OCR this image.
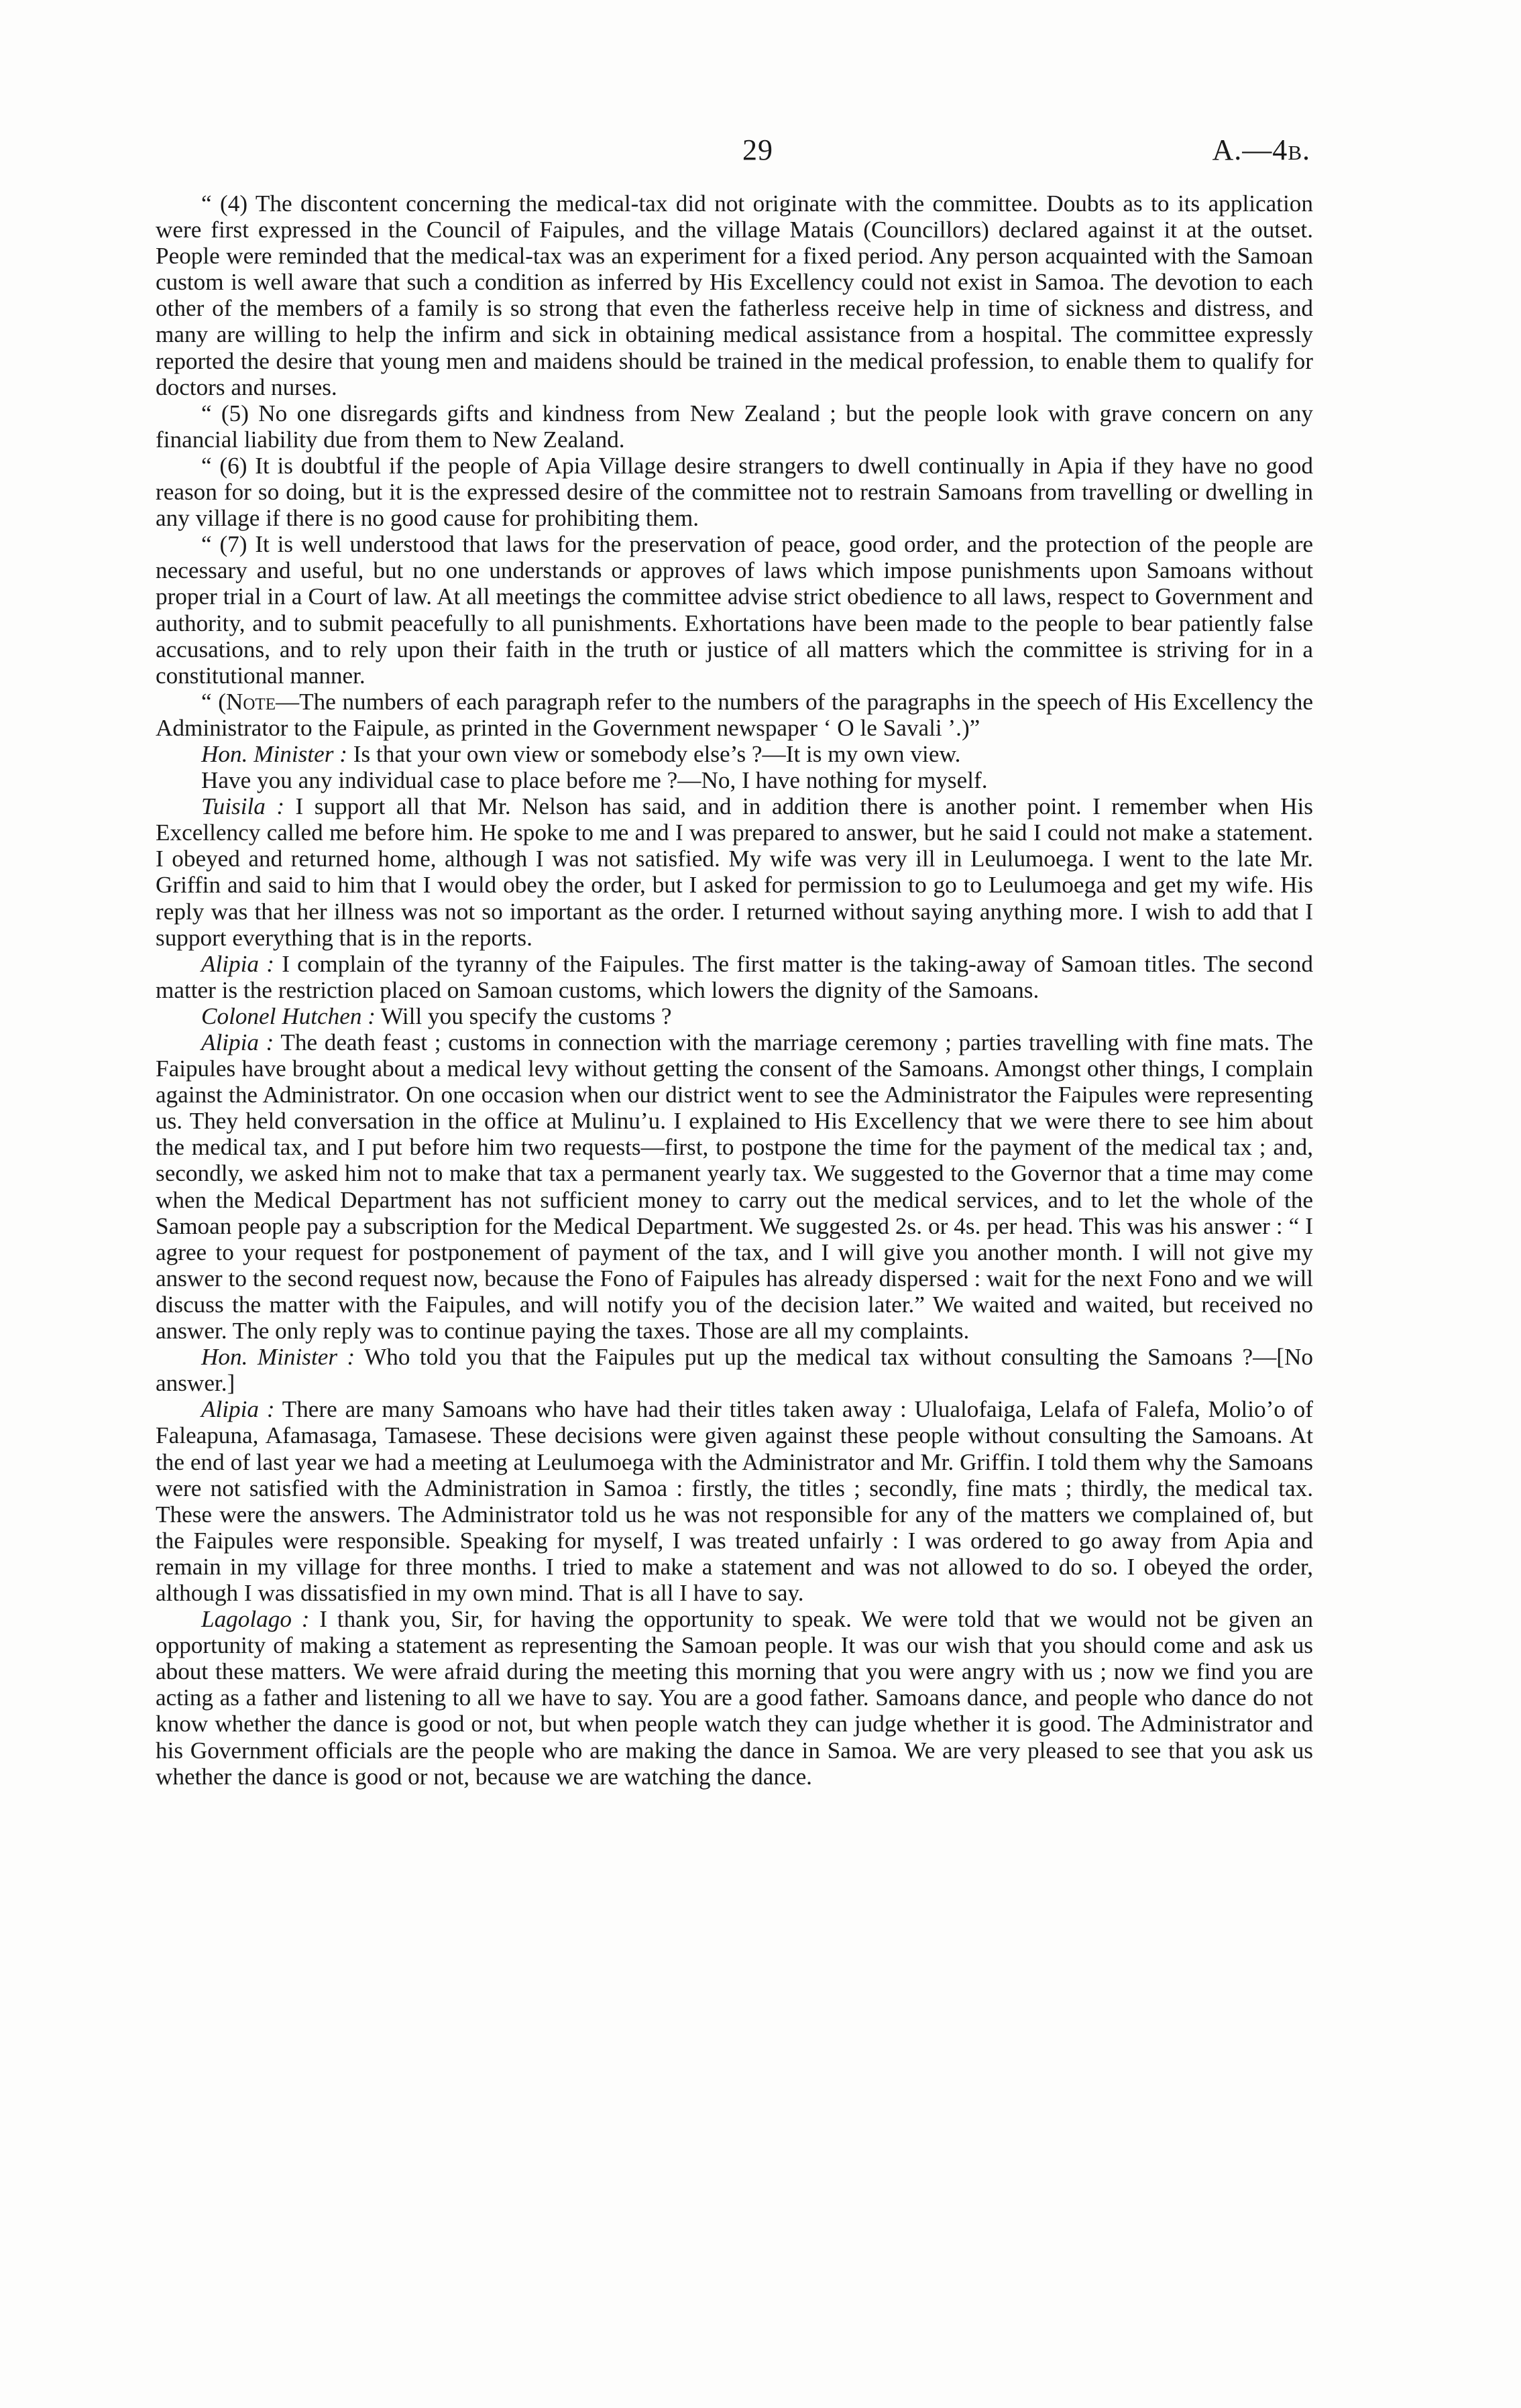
29	A.—4b.

“ (4) The discontent concerning the medical-tax did not originate with the committee. Doubts as to its application were first expressed in the Council of Faipules, and the village Matais (Councillors) declared against it at the outset. People were reminded that the medical-tax was an experiment for a fixed period. Any person acquainted with the Samoan custom is well aware that such a condition as inferred by His Excellency could not exist in Samoa. The devotion to each other of the members of a family is so strong that even the fatherless receive help in time of sickness and distress, and many are willing to help the infirm and sick in obtaining medical assistance from a hospital. The committee expressly reported the desire that young men and maidens should be trained in the medical profession, to enable them to qualify for doctors and nurses.

“ (5) No one disregards gifts and kindness from New Zealand ; but the people look with grave concern on any financial liability due from them to New Zealand.

“ (6) It is doubtful if the people of Apia Village desire strangers to dwell continually in Apia if they have no good reason for so doing, but it is the expressed desire of the committee not to restrain Samoans from travelling or dwelling in any village if there is no good cause for prohibiting them.

“ (7) It is well understood that laws for the preservation of peace, good order, and the protection of the people are necessary and useful, but no one understands or approves of laws which impose punishments upon Samoans without proper trial in a Court of law. At all meetings the committee advise strict obedience to all laws, respect to Government and authority, and to submit peacefully to all punishments. Exhortations have been made to the people to bear patiently false accusations, and to rely upon their faith in the truth or justice of all matters which the committee is striving for in a constitutional manner.

“ (Note—The numbers of each paragraph refer to the numbers of the paragraphs in the speech of His Excellency the Administrator to the Faipule, as printed in the Government newspaper ‘ O le Savali ’.)”

Hon. Minister : Is that your own view or somebody else’s ?—It is my own view.

Have you any individual case to place before me ?—No, I have nothing for myself.

Tuisila : I support all that Mr. Nelson has said, and in addition there is another point. I remember when His Excellency called me before him. He spoke to me and I was prepared to answer, but he said I could not make a statement. I obeyed and returned home, although I was not satisfied. My wife was very ill in Leulumoega. I went to the late Mr. Griffin and said to him that I would obey the order, but I asked for permission to go to Leulumoega and get my wife. His reply was that her illness was not so important as the order. I returned without saying anything more. I wish to add that I support everything that is in the reports.

Alipia : I complain of the tyranny of the Faipules. The first matter is the taking-away of Samoan titles. The second matter is the restriction placed on Samoan customs, which lowers the dignity of the Samoans.

Colonel Hutchen : Will you specify the customs ?

Alipia : The death feast ; customs in connection with the marriage ceremony ; parties travelling with fine mats. The Faipules have brought about a medical levy without getting the consent of the Samoans. Amongst other things, I complain against the Administrator. On one occasion when our district went to see the Administrator the Faipules were representing us. They held conversation in the office at Mulinu’u. I explained to His Excellency that we were there to see him about the medical tax, and I put before him two requests—first, to postpone the time for the payment of the medical tax ; and, secondly, we asked him not to make that tax a permanent yearly tax. We suggested to the Governor that a time may come when the Medical Department has not sufficient money to carry out the medical services, and to let the whole of the Samoan people pay a subscription for the Medical Department. We suggested 2s. or 4s. per head. This was his answer : “ I agree to your request for postponement of payment of the tax, and I will give you another month. I will not give my answer to the second request now, because the Fono of Faipules has already dispersed : wait for the next Fono and we will discuss the matter with the Faipules, and will notify you of the decision later.” We waited and waited, but received no answer. The only reply was to continue paying the taxes. Those are all my complaints.

Hon. Minister : Who told you that the Faipules put up the medical tax without consulting the Samoans ?—[No answer.]

Alipia : There are many Samoans who have had their titles taken away : Ulualofaiga, Lelafa of Falefa, Molio’o of Faleapuna, Afamasaga, Tamasese. These decisions were given against these people without consulting the Samoans. At the end of last year we had a meeting at Leulumoega with the Administrator and Mr. Griffin. I told them why the Samoans were not satisfied with the Administration in Samoa : firstly, the titles ; secondly, fine mats ; thirdly, the medical tax. These were the answers. The Administrator told us he was not responsible for any of the matters we complained of, but the Faipules were responsible. Speaking for myself, I was treated unfairly : I was ordered to go away from Apia and remain in my village for three months. I tried to make a statement and was not allowed to do so. I obeyed the order, although I was dissatisfied in my own mind. That is all I have to say.

Lagolago : I thank you, Sir, for having the opportunity to speak. We were told that we would not be given an opportunity of making a statement as representing the Samoan people. It was our wish that you should come and ask us about these matters. We were afraid during the meeting this morning that you were angry with us ; now we find you are acting as a father and listening to all we have to say. You are a good father. Samoans dance, and people who dance do not know whether the dance is good or not, but when people watch they can judge whether it is good. The Administrator and his Government officials are the people who are making the dance in Samoa. We are very pleased to see that you ask us whether the dance is good or not, because we are watching the dance.
